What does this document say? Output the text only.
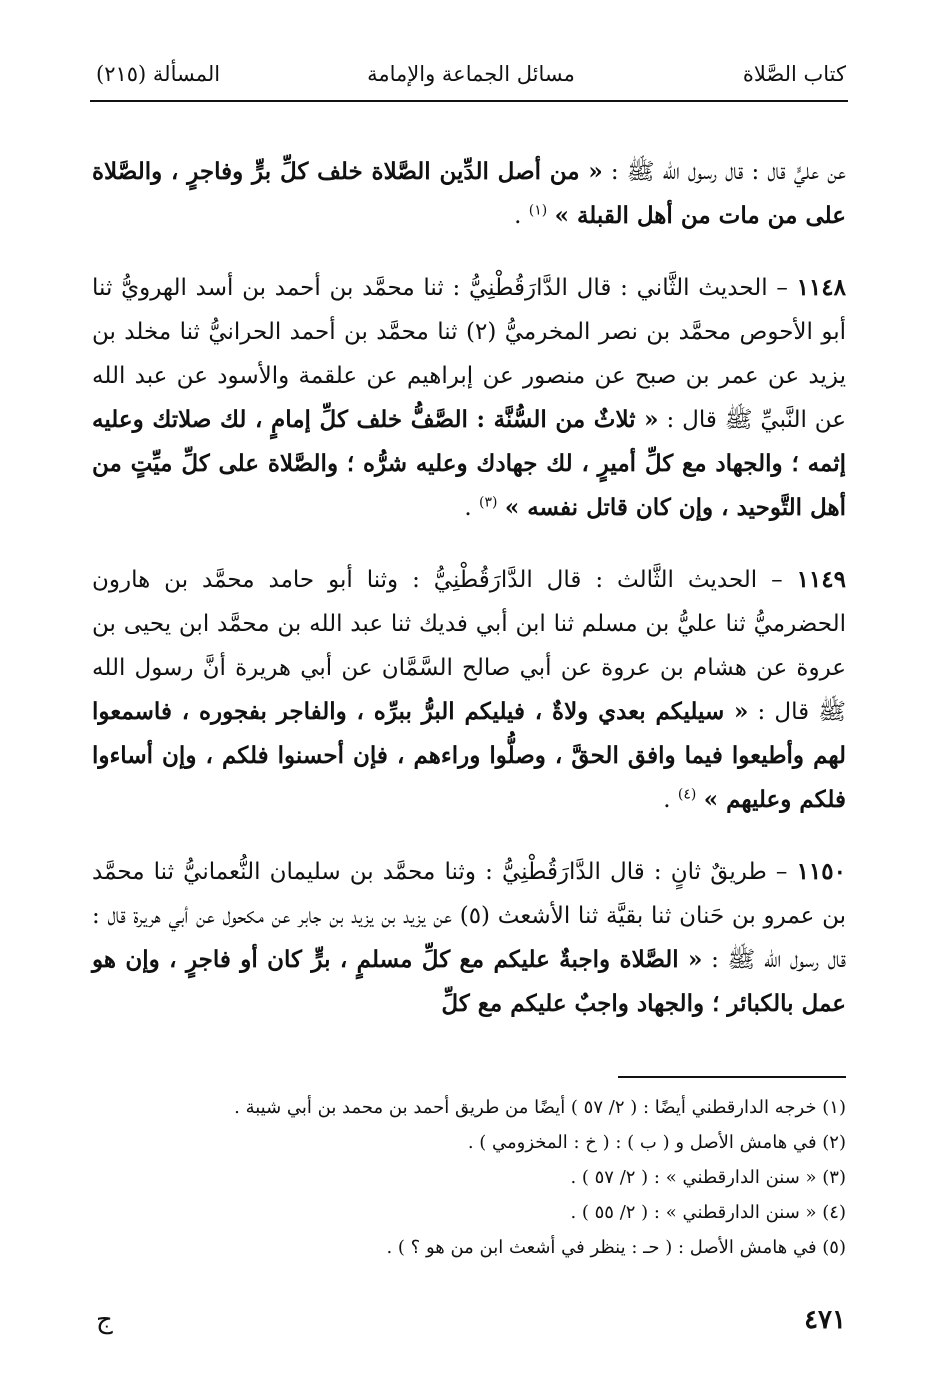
كتاب الصَّلاة
مسائل الجماعة والإمامة
المسألة (٢١٥)

عن عليٍّ قال : قال رسول الله ﷺ : « من أصل الدِّين الصَّلاة خلف كلِّ برٍّ وفاجرٍ ، والصَّلاة على من مات من أهل القبلة » $^{(١)}$ .

١١٤٨ – الحديث الثَّاني : قال الدَّارَقُطْنِيُّ : ثنا محمَّد بن أحمد بن أسد الهرويُّ ثنا أبو الأحوص محمَّد بن نصر المخرميُّ (٢) ثنا محمَّد بن أحمد الحرانيُّ ثنا مخلد بن يزيد عن عمر بن صبح عن منصور عن إبراهيم عن علقمة والأسود عن عبد الله عن النَّبيِّ ﷺ قال : « ثلاثٌ من السُّنَّة : الصَّفُّ خلف كلِّ إمامٍ ، لك صلاتك وعليه إثمه ؛ والجهاد مع كلِّ أميرٍ ، لك جهادك وعليه شرُّه ؛ والصَّلاة على كلِّ ميِّتٍ من أهل التَّوحيد ، وإن كان قاتل نفسه » $^{(٣)}$ .

١١٤٩ – الحديث الثَّالث : قال الدَّارَقُطْنِيُّ : وثنا أبو حامد محمَّد بن هارون الحضرميُّ ثنا عليُّ بن مسلم ثنا ابن أبي فديك ثنا عبد الله بن محمَّد ابن يحيى بن عروة عن هشام بن عروة عن أبي صالح السَّمَّان عن أبي هريرة أنَّ رسول الله ﷺ قال : « سيليكم بعدي ولاةٌ ، فيليكم البرُّ ببرِّه ، والفاجر بفجوره ، فاسمعوا لهم وأطيعوا فيما وافق الحقَّ ، وصلُّوا وراءهم ، فإن أحسنوا فلكم ، وإن أساءوا فلكم وعليهم » $^{(٤)}$ .

١١٥٠ – طريقٌ ثانٍ : قال الدَّارَقُطْنِيُّ : وثنا محمَّد بن سليمان النُّعمانيُّ ثنا محمَّد بن عمرو بن حَنان ثنا بقيَّة ثنا الأشعث (٥) عن يزيد بن يزيد بن جابر عن مكحول عن أبي هريرة قال : قال رسول الله ﷺ : « الصَّلاة واجبةٌ عليكم مع كلِّ مسلمٍ ، برٍّ كان أو فاجرٍ ، وإن هو عمل بالكبائر ؛ والجهاد واجبٌ عليكم مع كلِّ

(١) خرجه الدارقطني أيضًا : ( ٢/ ٥٧ ) أيضًا من طريق أحمد بن محمد بن أبي شيبة .

(٢) في هامش الأصل و ( ب ) : ( خ : المخزومي ) .

(٣) « سنن الدارقطني » : ( ٢/ ٥٧ ) .

(٤) « سنن الدارقطني » : ( ٢/ ٥٥ ) .

(٥) في هامش الأصل : ( حـ : ينظر في أشعث ابن من هو ؟ ) .

٤٧١
ج
